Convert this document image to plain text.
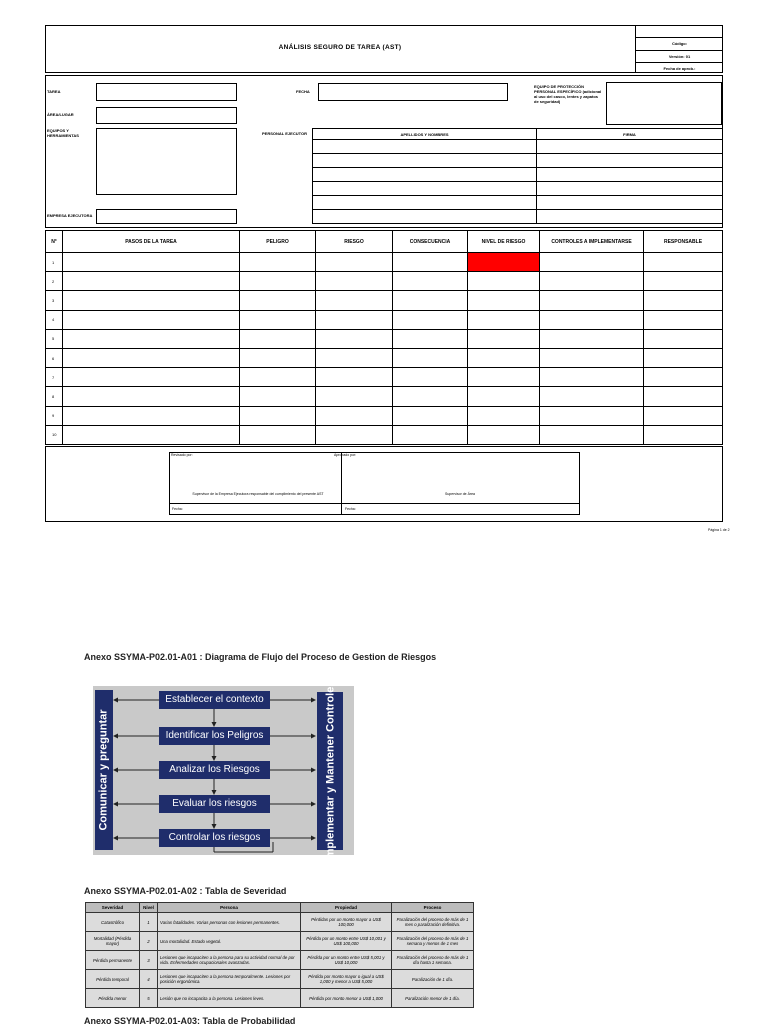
ANÁLISIS SEGURO DE TAREA (AST)
Código:
Versión: 01
Fecha de aprob.:
TAREA	FECHA
EQUIPO DE PROTECCIÓN PERSONAL ESPECÍFICO (adicional al uso del casco, lentes y zapatos de seguridad)
ÁREA/LUGAR
EQUIPOS Y HERRAMIENTAS	PERSONAL EJECUTOR	APELLIDOS Y NOMBRES	FIRMA

EMPRESA EJECUTORA
N°	PASOS DE LA TAREA	PELIGRO	RIESGO	CONSECUENCIA	NIVEL DE RIESGO	CONTROLES A IMPLEMENTARSE	RESPONSABLE
1							
2							
3							
4							
5							
6							
7							
8							
9							
10							
Revisado por:	Aprobado por:
Supervisor de la Empresa Ejecutora responsable del cumplimiento del presente AST	Supervisor de Área
Fecha:	Fecha:
Página 1 de 2
Anexo SSYMA-P02.01-A01 : Diagrama de Flujo del Proceso de Gestion de Riesgos
Comunicar y preguntar	Implementar y Mantener Controles
Establecer el contexto
Identificar los Peligros
Analizar los Riesgos
Evaluar los riesgos
Controlar los riesgos
Anexo SSYMA-P02.01-A02 : Tabla de Severidad
Severidad	Nivel	Persona	Propiedad	Proceso
Catastrófico	1	Varias fatalidades. Varias personas con lesiones permanentes.	Pérdidas por un monto mayor a US$ 100,000	Paralización del proceso de más de 1 mes o paralización definitiva.
Mortalidad (Pérdida mayor)	2	Una mortalidad. Estado vegetal.	Pérdida por un monto entre US$ 10,001 y US$ 100,000	Paralización del proceso de más de 1 semana y menos de 1 mes
Pérdida permanente	3	Lesiones que incapaciten a la persona para su actividad normal de por vida. Enfermedades ocupacionales avanzadas.	Pérdida por un monto entre US$ 5,001 y US$ 10,000	Paralización del proceso de más de 1 día hasta 1 semana.
Pérdida temporal	4	Lesiones que incapaciten a la persona temporalmente. Lesiones por posición ergonómica.	Pérdida por monto mayor o igual a US$ 1,000 y menor a US$ 5,000	Paralización de 1 día.
Pérdida menor	5	Lesión que no incapacita a la persona. Lesiones leves.	Pérdida por monto menor a US$ 1,000	Paralización menor de 1 día.
Anexo SSYMA-P02.01-A03: Tabla de Probabilidad
